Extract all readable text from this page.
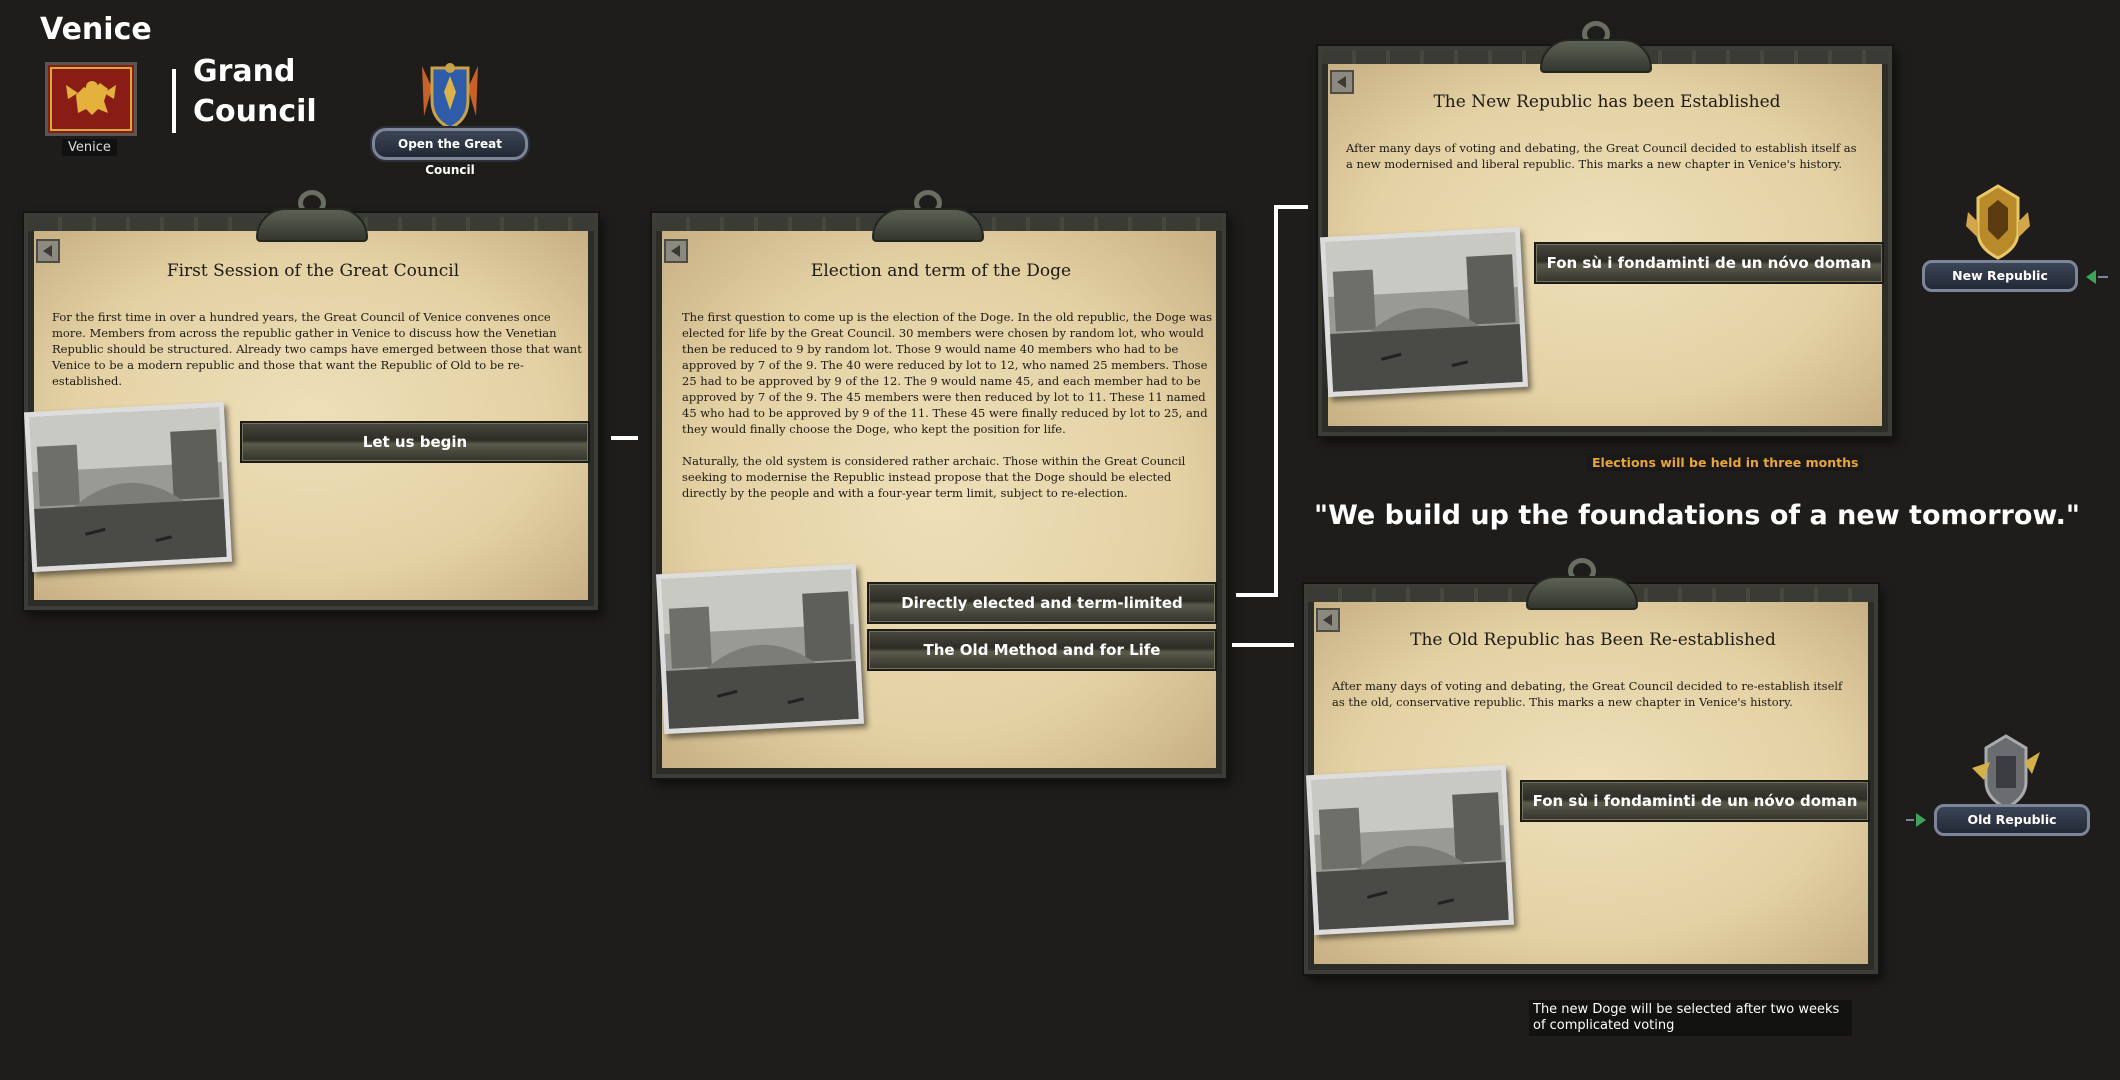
Venice
Venice
Grand
Council
Open the Great Council
First Session of the Great Council
For the first time in over a hundred years, the Great Council of Venice convenes once more. Members from across the republic gather in Venice to discuss how the Venetian Republic should be structured. Already two camps have emerged between those that want Venice to be a modern republic and those that want the Republic of Old to be re-established.
Let us begin
Election and term of the Doge
The first question to come up is the election of the Doge. In the old republic, the Doge was elected for life by the Great Council. 30 members were chosen by random lot, who would then be reduced to 9 by random lot. Those 9 would name 40 members who had to be approved by 7 of the 9. The 40 were reduced by lot to 12, who named 25 members. Those 25 had to be approved by 9 of the 12. The 9 would name 45, and each member had to be approved by 7 of the 9. The 45 members were then reduced by lot to 11. These 11 named 45 who had to be approved by 9 of the 11. These 45 were finally reduced by lot to 25, and they would finally choose the Doge, who kept the position for life.

Naturally, the old system is considered rather archaic. Those within the Great Council seeking to modernise the Republic instead propose that the Doge should be elected directly by the people and with a four-year term limit, subject to re-election.
Directly elected and term-limited
The Old Method and for Life
The New Republic has been Established
After many days of voting and debating, the Great Council decided to establish itself as a new modernised and liberal republic. This marks a new chapter in Venice's history.
Fon sù i fondaminti de un nóvo doman
The Old Republic has Been Re-established
After many days of voting and debating, the Great Council decided to re-establish itself as the old, conservative republic. This marks a new chapter in Venice's history.
Fon sù i fondaminti de un nóvo doman
Elections will be held in three months
"We build up the foundations of a new tomorrow."
The new Doge will be selected after two weeks of complicated voting
New Republic
Old Republic
